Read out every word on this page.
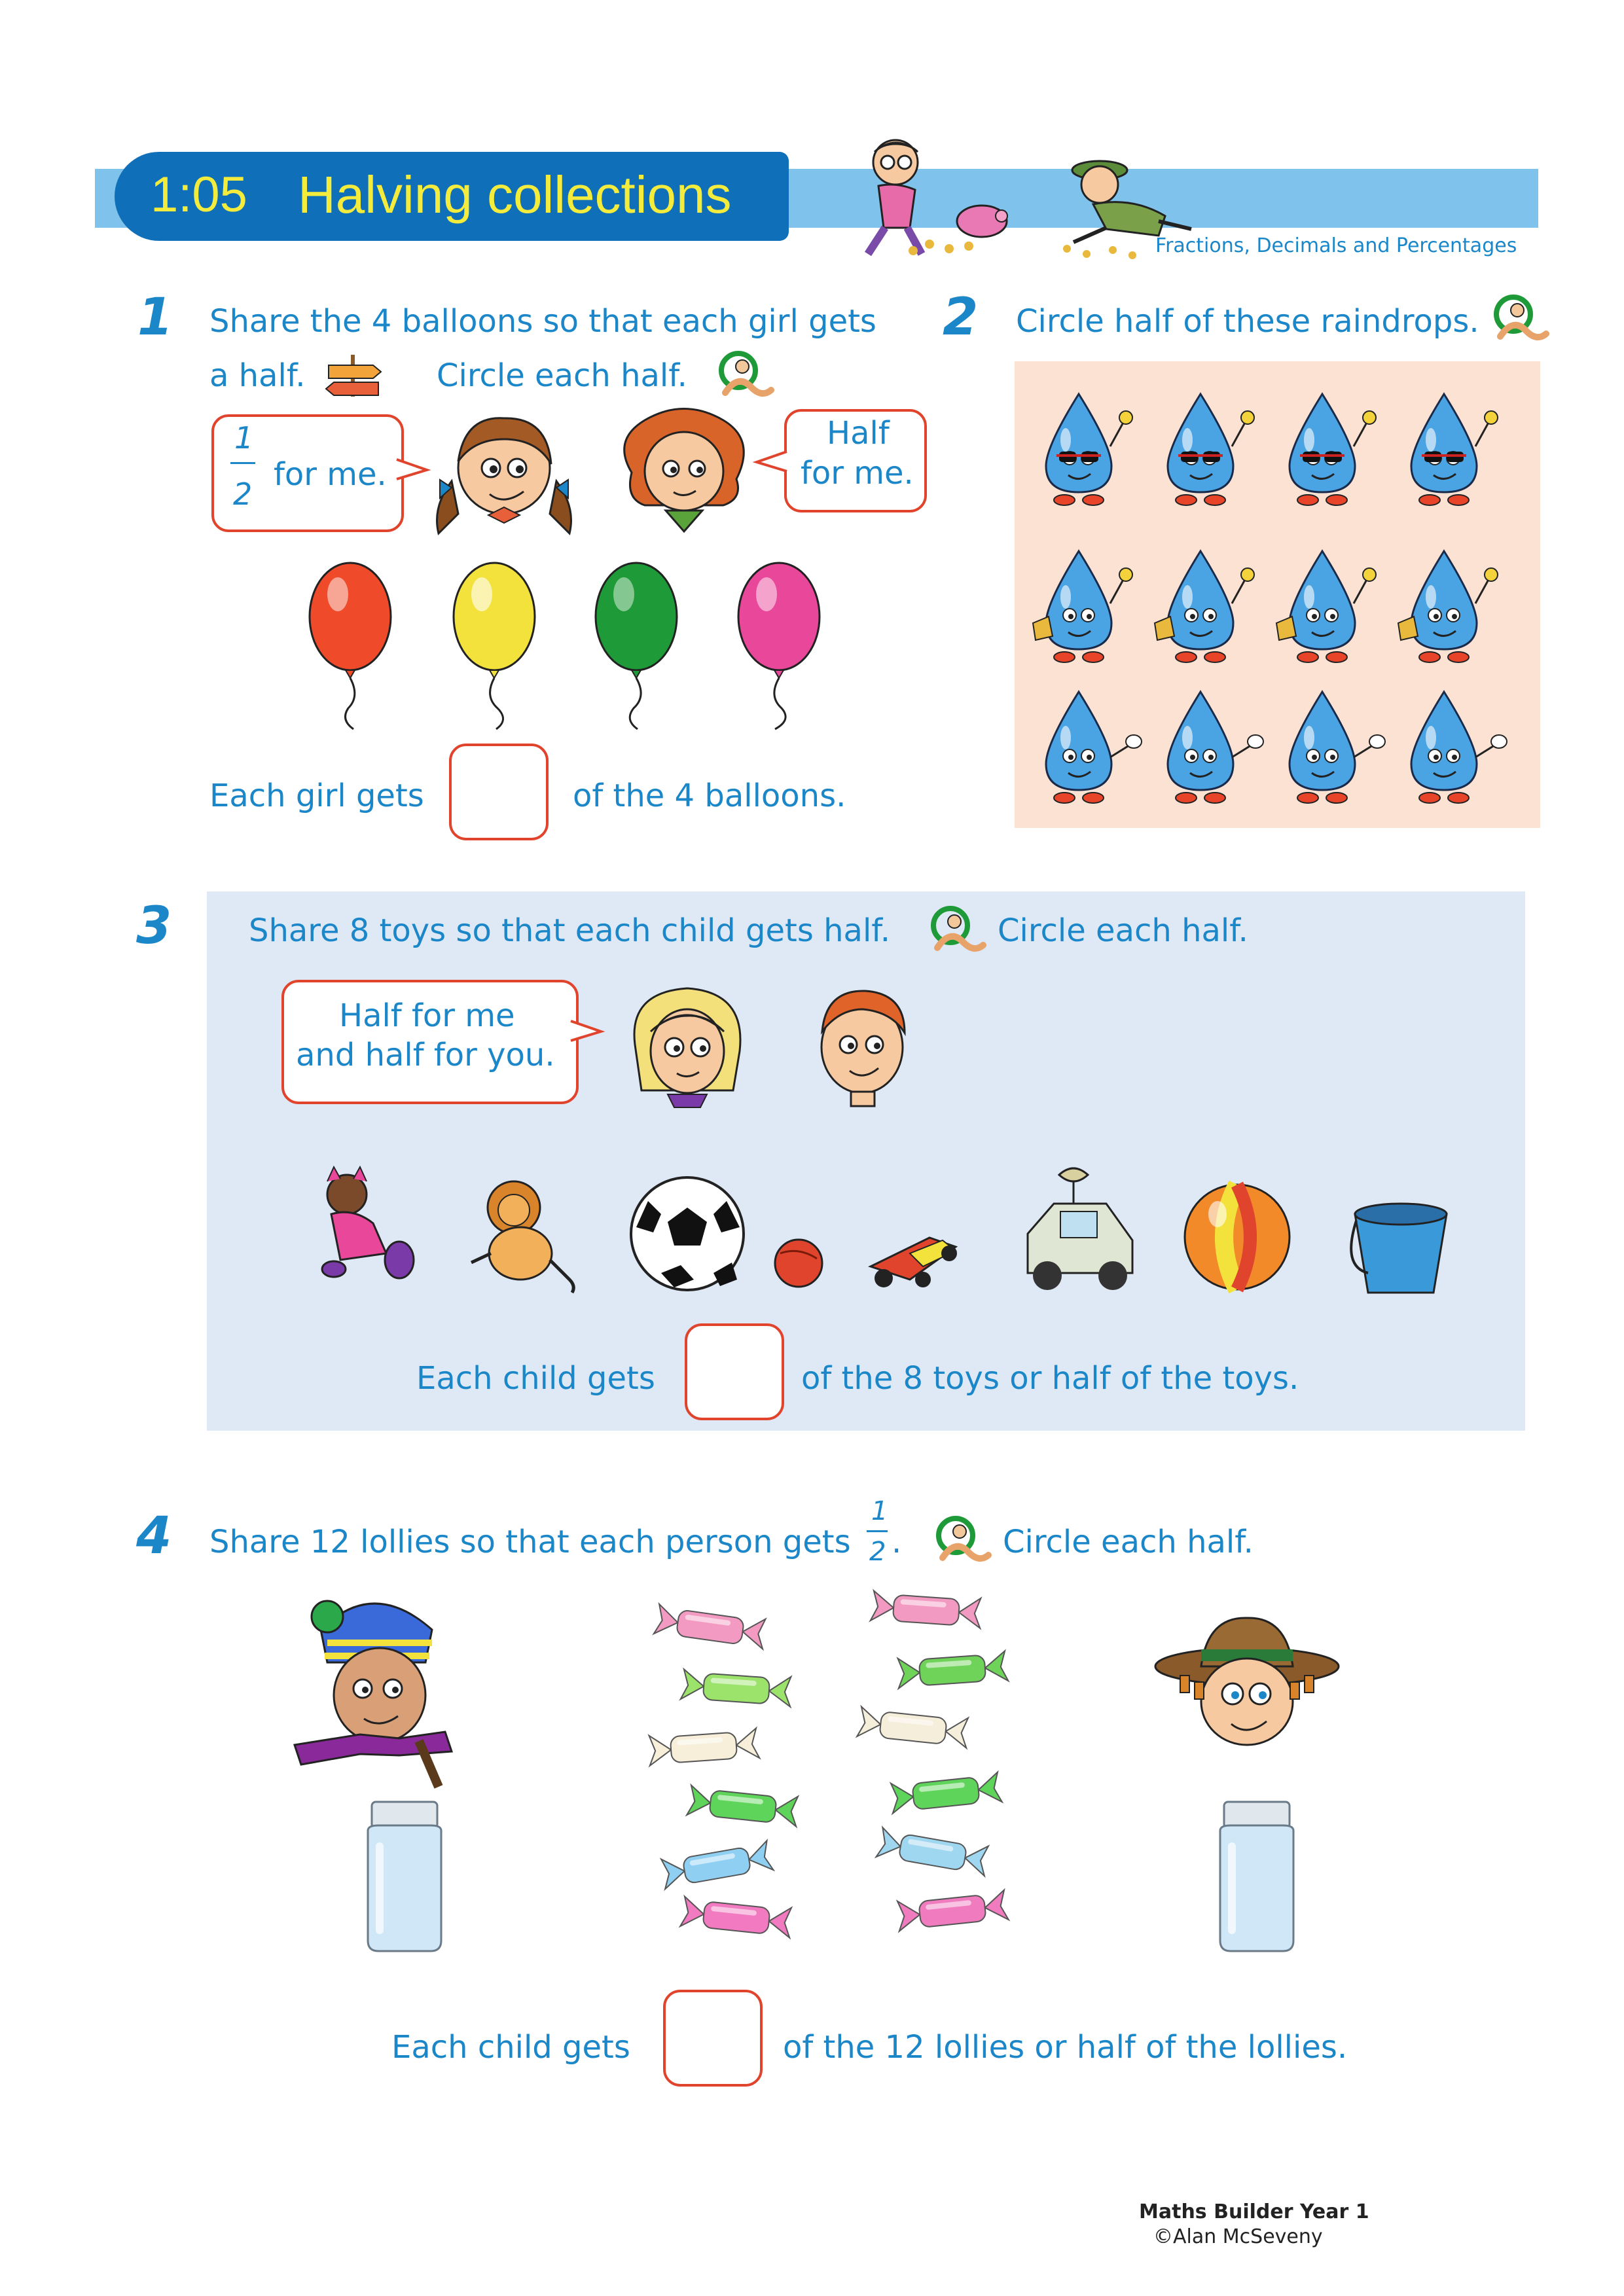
1:05 Halving collections
Fractions, Decimals and Percentages
1 Share the 4 balloons so that each girl gets
a half.	Circle each half.
1
2
for me.
Half
for me.
Each girl gets	of the 4 balloons.
2 Circle half of these raindrops.
3 Share 8 toys so that each child gets half.	Circle each half.
Half for me
and half for you.
Each child gets	of the 8 toys or half of the toys.
4 Share 12 lollies so that each person gets
1
2 .	Circle each half.
Each child gets	of the 12 lollies or half of the lollies.
Maths Builder Year 1
©Alan McSeveny
